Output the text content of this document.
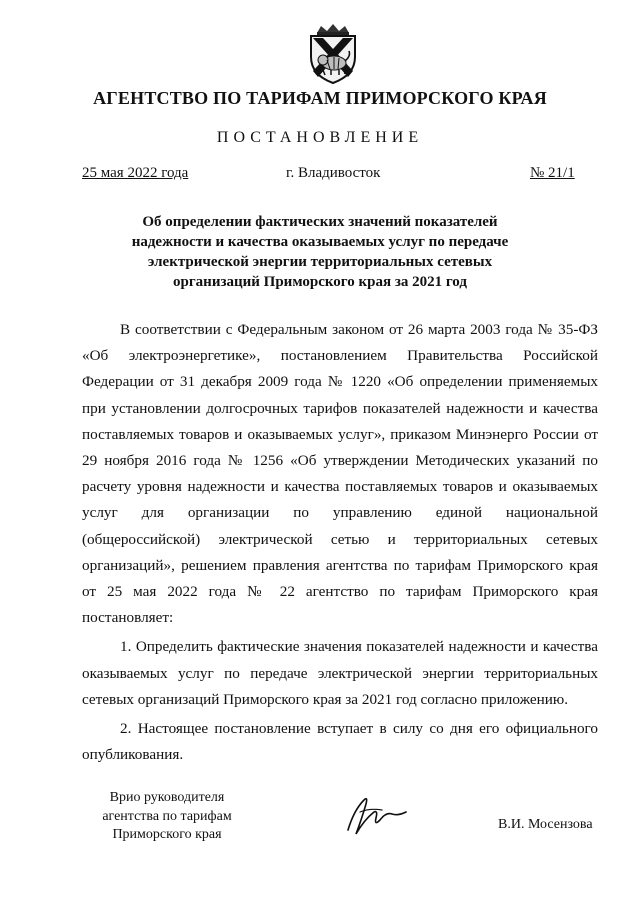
АГЕНТСТВО ПО ТАРИФАМ ПРИМОРСКОГО КРАЯ
ПОСТАНОВЛЕНИЕ
25 мая 2022 года	г. Владивосток	№ 21/1
Об определении фактических значений показателей надежности и качества оказываемых услуг по передаче электрической энергии территориальных сетевых организаций Приморского края за 2021 год

В соответствии с Федеральным законом от 26 марта 2003 года № 35-ФЗ «Об электроэнергетике», постановлением Правительства Российской Федерации от 31 декабря 2009 года № 1220 «Об определении применяемых при установлении долгосрочных тарифов показателей надежности и качества поставляемых товаров и оказываемых услуг», приказом Минэнерго России от 29 ноября 2016 года № 1256 «Об утверждении Методических указаний по расчету уровня надежности и качества поставляемых товаров и оказываемых услуг для организации по управлению единой национальной (общероссийской) электрической сетью и территориальных сетевых организаций», решением правления агентства по тарифам Приморского края от 25 мая 2022 года № 22 агентство по тарифам Приморского края постановляет:

1. Определить фактические значения показателей надежности и качества оказываемых услуг по передаче электрической энергии территориальных сетевых организаций Приморского края за 2021 год согласно приложению.

2. Настоящее постановление вступает в силу со дня его официального опубликования.

Врио руководителя
агентства по тарифам
Приморского края
В.И. Мосензова
